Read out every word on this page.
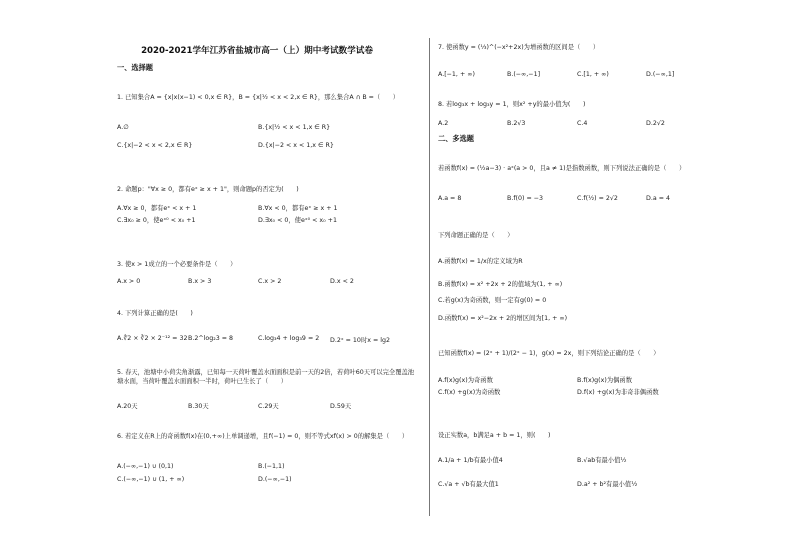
2020-2021学年江苏省盐城市高一（上）期中考试数学试卷
一、选择题
1. 已知集合A = {x|x(x−1) < 0,x ∈ R}，B = {x|½ < x < 2,x ∈ R}，那么集合A ∩ B =（　　）
A.∅	B.{x|½ < x < 1,x ∈ R}
C.{x|−2 < x < 2,x ∈ R}	D.{x|−2 < x < 1,x ∈ R}
2. 命题p："∀x ≥ 0，都有eˣ ≥ x + 1"，则命题p的否定为(　　)
A.∀x ≥ 0，都有eˣ < x + 1	B.∀x < 0，都有eˣ ≥ x + 1
C.∃x₀ ≥ 0，使eˣ⁰ < x₀ +1	D.∃x₀ < 0，使eˣ⁰ < x₀ +1
3. 使x > 1成立的一个必要条件是（　　）
A.x > 0	B.x > 3	C.x > 2	D.x < 2
4. 下列计算正确的是(　　)
A.∜2 × ∛2 × 2⁻¹² = 32 B.2^log₂3 = 8	C.log₃4 + log₃9 = 2 D.2ˣ = 10时x = lg2
5. 春天，池塘中小荷尖角渐露，已知每一天荷叶覆盖水面面积是前一天的2倍，若荷叶60天可以完全覆盖池塘水面，当荷叶覆盖水面面积一半时，荷叶已生长了（　　）
A.20天	B.30天	C.29天	D.59天
6. 若定义在R上的奇函数f(x)在(0,+∞)上单调递增，且f(−1) = 0，则不等式xf(x) > 0的解集是（　　）
A.(−∞,−1) ∪ (0,1)	B.(−1,1)
C.(−∞,−1) ∪ (1, + ∞)	D.(−∞,−1)
7. 使函数y = (⅓)^(−x²+2x)为增函数的区间是（　　）
A.[−1, + ∞)	B.(−∞,−1]	C.[1, + ∞)	D.(−∞,1]
8. 若log₃x + log₃y = 1，则x² +y的最小值为(　　)
A.2	B.2√3	C.4	D.2√2
二、多选题
若函数f(x) = (½a−3) · aˣ(a > 0，且a ≠ 1)是指数函数，则下列说法正确的是（　　）
A.a = 8	B.f(0) = −3	C.f(½) = 2√2	D.a = 4
下列命题正确的是（　　）
A.函数f(x) = 1/x的定义域为R
B.函数f(x) = x² +2x + 2的值域为(1, + ∞)
C.若g(x)为奇函数，则一定有g(0) = 0
D.函数f(x) = x²−2x + 2的增区间为[1, + ∞)
已知函数f(x) = (2ˣ + 1)/(2ˣ − 1)，g(x) = 2x，则下列结论正确的是（　　）
A.f(x)g(x)为奇函数	B.f(x)g(x)为偶函数
C.f(x) +g(x)为奇函数	D.f(x) +g(x)为非奇非偶函数
设正实数a，b满足a + b = 1，则(　　)
A.1/a + 1/b有最小值4	B.√ab有最小值½
C.√a + √b有最大值1	D.a² + b²有最小值½
